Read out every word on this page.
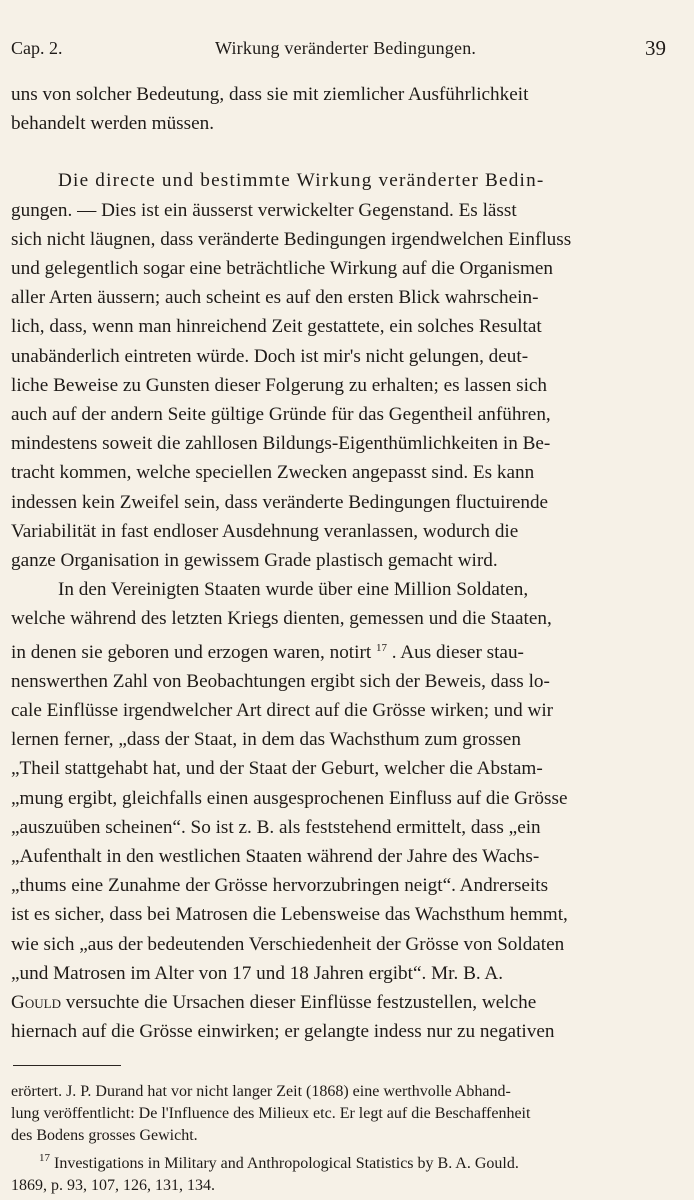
Cap. 2.	Wirkung veränderter Bedingungen.	39
uns von solcher Bedeutung, dass sie mit ziemlicher Ausführlichkeit
behandelt werden müssen.
Die directe und bestimmte Wirkung veränderter Bedin-
gungen. — Dies ist ein äusserst verwickelter Gegenstand. Es lässt
sich nicht läugnen, dass veränderte Bedingungen irgendwelchen Einfluss
und gelegentlich sogar eine beträchtliche Wirkung auf die Organismen
aller Arten äussern; auch scheint es auf den ersten Blick wahrschein-
lich, dass, wenn man hinreichend Zeit gestattete, ein solches Resultat
unabänderlich eintreten würde. Doch ist mir's nicht gelungen, deut-
liche Beweise zu Gunsten dieser Folgerung zu erhalten; es lassen sich
auch auf der andern Seite gültige Gründe für das Gegentheil anführen,
mindestens soweit die zahllosen Bildungs-Eigenthümlichkeiten in Be-
tracht kommen, welche speciellen Zwecken angepasst sind. Es kann
indessen kein Zweifel sein, dass veränderte Bedingungen fluctuirende
Variabilität in fast endloser Ausdehnung veranlassen, wodurch die
ganze Organisation in gewissem Grade plastisch gemacht wird.
In den Vereinigten Staaten wurde über eine Million Soldaten,
welche während des letzten Kriegs dienten, gemessen und die Staaten,
in denen sie geboren und erzogen waren, notirt $^{17}$ . Aus dieser stau-
nenswerthen Zahl von Beobachtungen ergibt sich der Beweis, dass lo-
cale Einflüsse irgendwelcher Art direct auf die Grösse wirken; und wir
lernen ferner, „dass der Staat, in dem das Wachsthum zum grossen
„Theil stattgehabt hat, und der Staat der Geburt, welcher die Abstam-
„mung ergibt, gleichfalls einen ausgesprochenen Einfluss auf die Grösse
„auszuüben scheinen“. So ist z. B. als feststehend ermittelt, dass „ein
„Aufenthalt in den westlichen Staaten während der Jahre des Wachs-
„thums eine Zunahme der Grösse hervorzubringen neigt“. Andrerseits
ist es sicher, dass bei Matrosen die Lebensweise das Wachsthum hemmt,
wie sich „aus der bedeutenden Verschiedenheit der Grösse von Soldaten
„und Matrosen im Alter von 17 und 18 Jahren ergibt“. Mr. B. A.
Gould versuchte die Ursachen dieser Einflüsse festzustellen, welche
hiernach auf die Grösse einwirken; er gelangte indess nur zu negativen
erörtert. J. P. Durand hat vor nicht langer Zeit (1868) eine werthvolle Abhand-
lung veröffentlicht: De l'Influence des Milieux etc. Er legt auf die Beschaffenheit
des Bodens grosses Gewicht.
$^{17}$ Investigations in Military and Anthropological Statistics by B. A. Gould.
1869, p. 93, 107, 126, 131, 134.
